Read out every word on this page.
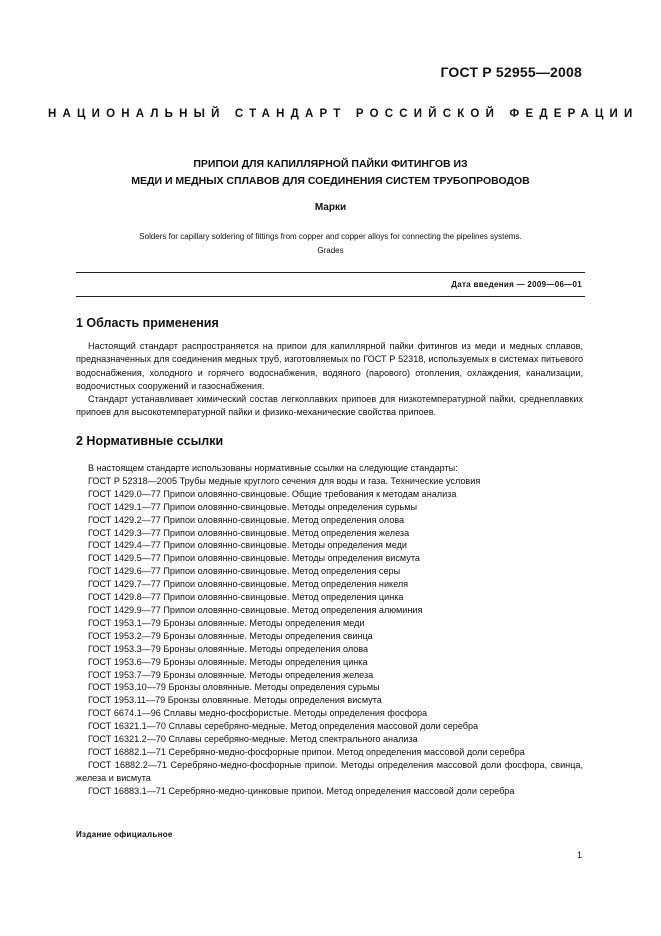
ГОСТ Р 52955—2008
НАЦИОНАЛЬНЫЙ СТАНДАРТ РОССИЙСКОЙ ФЕДЕРАЦИИ
ПРИПОИ ДЛЯ КАПИЛЛЯРНОЙ ПАЙКИ ФИТИНГОВ ИЗ
МЕДИ И МЕДНЫХ СПЛАВОВ ДЛЯ СОЕДИНЕНИЯ СИСТЕМ ТРУБОПРОВОДОВ
Марки
Solders for capillary soldering of fittings from copper and copper alloys for connecting the pipelines systems.
Grades
Дата введения — 2009—06—01
1 Область применения

Настоящий стандарт распространяется на припои для капиллярной пайки фитингов из меди и медных сплавов, предназначенных для соединения медных труб, изготовляемых по ГОСТ Р 52318, используемых в системах питьевого водоснабжения, холодного и горячего водоснабжения, водяного (парового) отопления, охлаждения, канализации, водоочистных сооружений и газоснабжения.

Стандарт устанавливает химический состав легкоплавких припоев для низкотемпературной пайки, среднеплавких припоев для высокотемпературной пайки и физико-механические свойства припоев.

2 Нормативные ссылки
В настоящем стандарте использованы нормативные ссылки на следующие стандарты:
ГОСТ Р 52318—2005 Трубы медные круглого сечения для воды и газа. Технические условия
ГОСТ 1429.0—77 Припои оловянно-свинцовые. Общие требования к методам анализа
ГОСТ 1429.1—77 Припои оловянно-свинцовые. Методы определения сурьмы
ГОСТ 1429.2—77 Припои оловянно-свинцовые. Метод определения олова
ГОСТ 1429.3—77 Припои оловянно-свинцовые. Метод определения железа
ГОСТ 1429.4—77 Припои оловянно-свинцовые. Методы определения меди
ГОСТ 1429.5—77 Припои оловянно-свинцовые. Методы определения висмута
ГОСТ 1429.6—77 Припои оловянно-свинцовые. Метод определения серы
ГОСТ 1429.7—77 Припои оловянно-свинцовые. Метод определения никеля
ГОСТ 1429.8—77 Припои оловянно-свинцовые. Метод определения цинка
ГОСТ 1429.9—77 Припои оловянно-свинцовые. Метод определения алюминия
ГОСТ 1953.1—79 Бронзы оловянные. Методы определения меди
ГОСТ 1953.2—79 Бронзы оловянные. Методы определения свинца
ГОСТ 1953.3—79 Бронзы оловянные. Методы определения олова
ГОСТ 1953.6—79 Бронзы оловянные. Методы определения цинка
ГОСТ 1953.7—79 Бронзы оловянные. Методы определения железа
ГОСТ 1953.10—79 Бронзы оловянные. Методы определения сурьмы
ГОСТ 1953.11—79 Бронзы оловянные. Методы определения висмута
ГОСТ 6674.1—96 Сплавы медно-фосфористые. Методы определения фосфора
ГОСТ 16321.1—70 Сплавы серебряно-медные. Метод определения массовой доли серебра
ГОСТ 16321.2—70 Сплавы серебряно-медные. Метод спектрального анализа
ГОСТ 16882.1—71 Серебряно-медно-фосфорные припои. Метод определения массовой доли серебра
ГОСТ 16882.2—71 Серебряно-медно-фосфорные припои. Методы определения массовой доли фосфора, свинца, железа и висмута
ГОСТ 16883.1—71 Серебряно-медно-цинковые припои. Метод определения массовой доли серебра
Издание официальное
1
